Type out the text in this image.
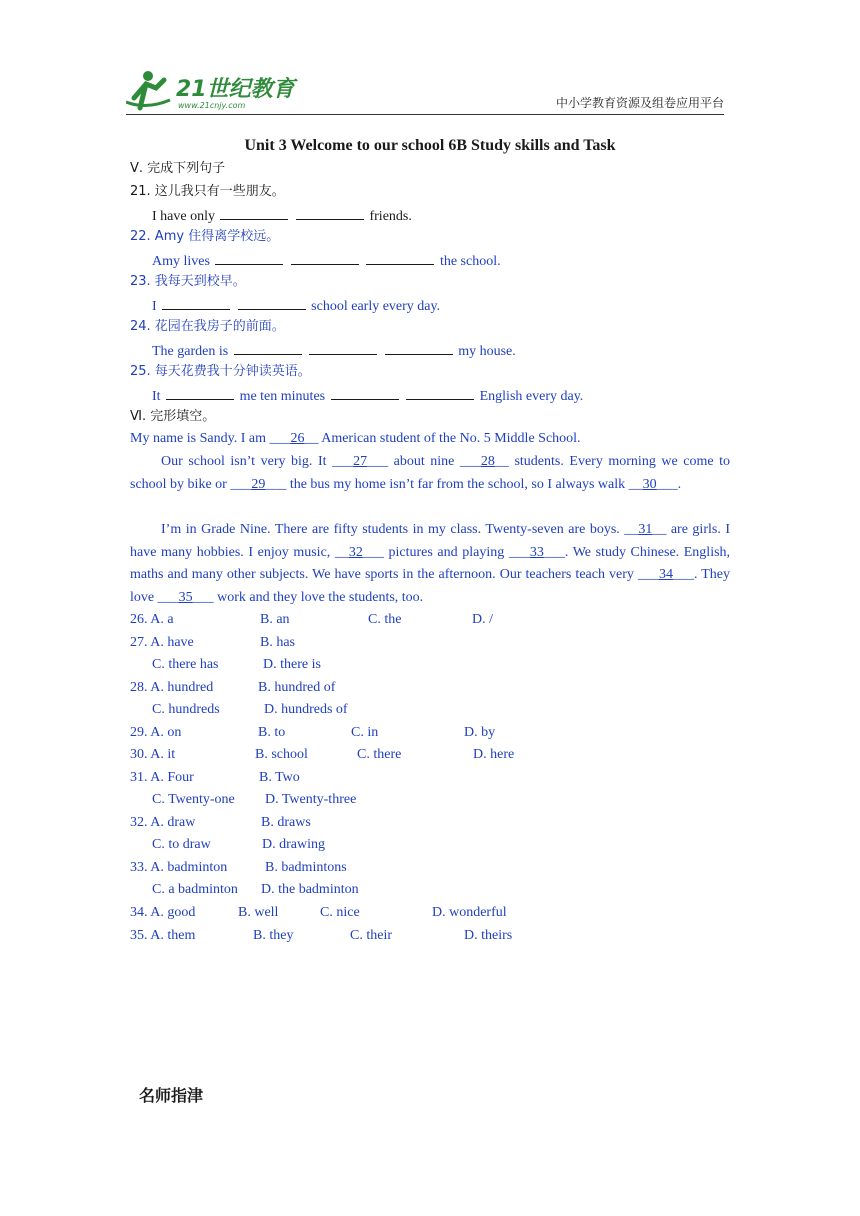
21世纪教育
www.21cnjy.com	中小学教育资源及组卷应用平台
Unit 3 Welcome to our school 6B Study skills and Task
Ⅴ. 完成下列句子
21. 这儿我只有一些朋友。
I have only	friends.
22. Amy 住得离学校远。
Amy lives	the school.
23. 我每天到校早。
I	school early every day.
24. 花园在我房子的前面。
The garden is	my house.
25. 每天花费我十分钟读英语。
It	me ten minutes	English every day.
Ⅵ. 完形填空。
My name is Sandy. I am ___26__ American student of the No. 5 Middle School.
Our school isn’t very big. It ___27___ about nine ___28__ students. Every morning we come to school by bike or ___29___ the bus my home isn’t far from the school, so I always walk __30___.
I’m in Grade Nine. There are fifty students in my class. Twenty-seven are boys. __31__ are girls. I have many hobbies. I enjoy music, __32___ pictures and playing ___33___. We study Chinese. English, maths and many other subjects. We have sports in the afternoon. Our teachers teach very ___34___. They love ___35___ work and they love the students, too.
26. A. a	B. an	C. the	D. /
27. A. have	B. has
C. there has	D. there is
28. A. hundred	B. hundred of
C. hundreds	D. hundreds of
29. A. on	B. to	C. in	D. by
30. A. it	B. school	C. there	D. here
31. A. Four	B. Two
C. Twenty-one D. Twenty-three
32. A. draw	B. draws
C. to draw	D. drawing
33. A. badminton	B. badmintons
C. a badminton D. the badminton
34. A. good	B. well	C. nice	D. wonderful
35. A. them	B. they	C. their	D. theirs
名师指津
